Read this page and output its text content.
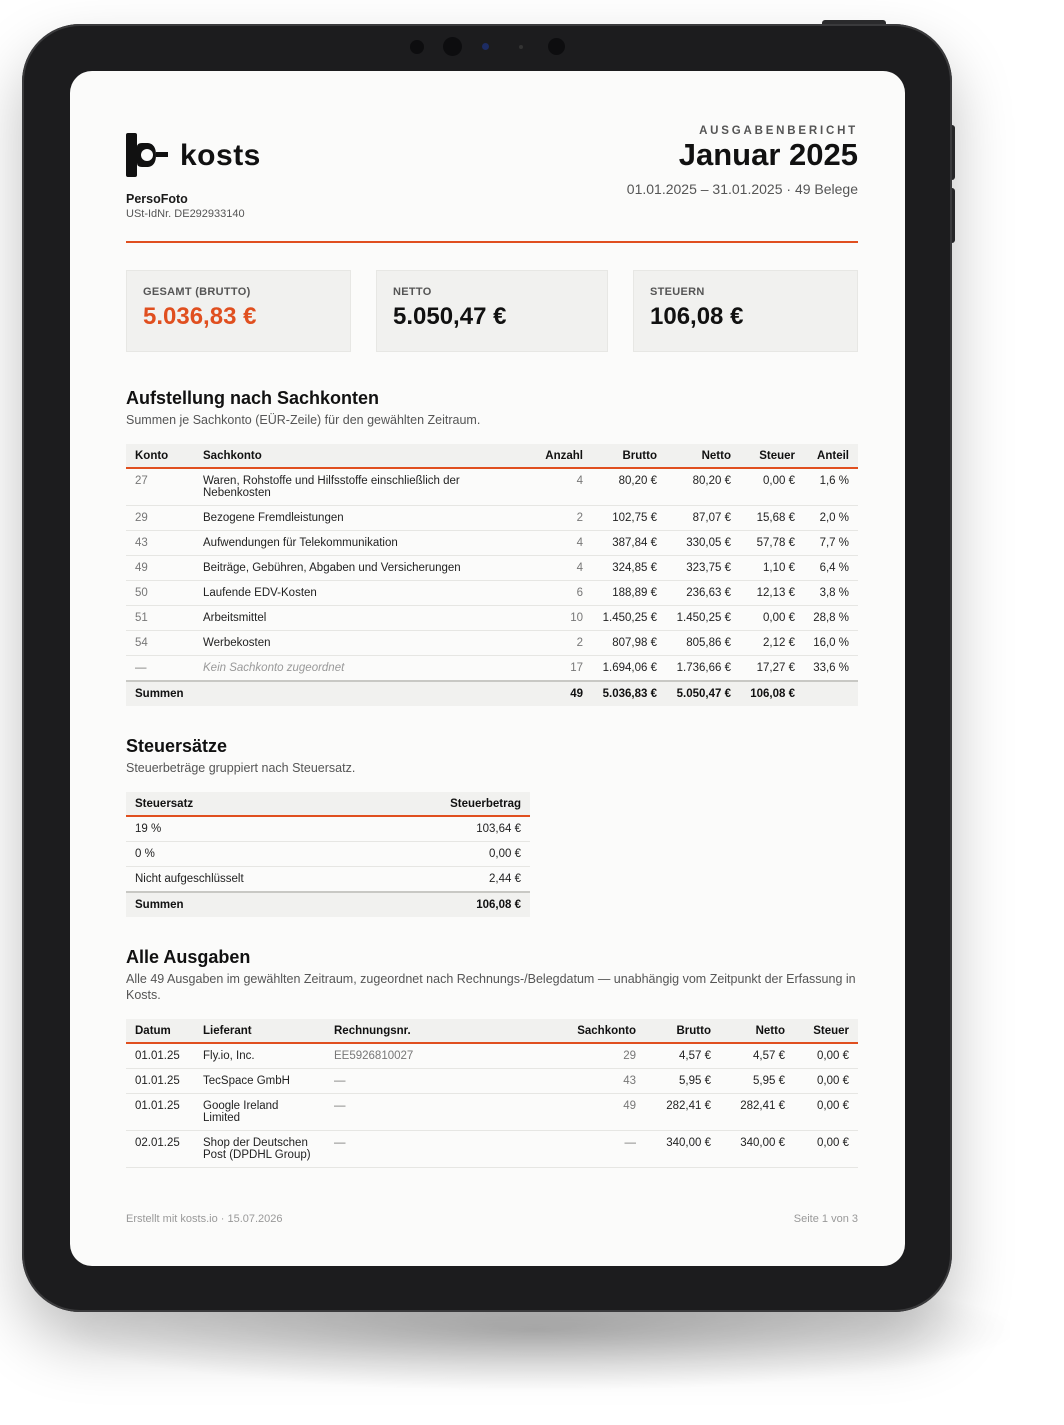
kosts
PersoFoto
USt-IdNr. DE292933140
AUSGABENBERICHT
Januar 2025
01.01.2025 – 31.01.2025 · 49 Belege
GESAMT (BRUTTO)
5.036,83 €
NETTO
5.050,47 €
STEUERN
106,08 €
Aufstellung nach Sachkonten
Summen je Sachkonto (EÜR-Zeile) für den gewählten Zeitraum.
Konto	Sachkonto	Anzahl	Brutto	Netto	Steuer	Anteil
27	Waren, Rohstoffe und Hilfsstoffe einschließlich der Nebenkosten	4	80,20 €	80,20 €	0,00 €	1,6 %
29	Bezogene Fremdleistungen	2	102,75 €	87,07 €	15,68 €	2,0 %
43	Aufwendungen für Telekommunikation	4	387,84 €	330,05 €	57,78 €	7,7 %
49	Beiträge, Gebühren, Abgaben und Versicherungen	4	324,85 €	323,75 €	1,10 €	6,4 %
50	Laufende EDV-Kosten	6	188,89 €	236,63 €	12,13 €	3,8 %
51	Arbeitsmittel	10	1.450,25 €	1.450,25 €	0,00 €	28,8 %
54	Werbekosten	2	807,98 €	805,86 €	2,12 €	16,0 %
—	Kein Sachkonto zugeordnet	17	1.694,06 €	1.736,66 €	17,27 €	33,6 %
Summen		49	5.036,83 €	5.050,47 €	106,08 €	
Steuersätze
Steuerbeträge gruppiert nach Steuersatz.
Steuersatz	Steuerbetrag
19 %	103,64 €
0 %	0,00 €
Nicht aufgeschlüsselt	2,44 €
Summen	106,08 €
Alle Ausgaben
Alle 49 Ausgaben im gewählten Zeitraum, zugeordnet nach Rechnungs-/Belegdatum — unabhängig vom Zeitpunkt der Erfassung in Kosts.
Datum	Lieferant	Rechnungsnr.	Sachkonto	Brutto	Netto	Steuer
01.01.25	Fly.io, Inc.	EE5926810027	29	4,57 €	4,57 €	0,00 €
01.01.25	TecSpace GmbH	—	43	5,95 €	5,95 €	0,00 €
01.01.25	Google Ireland Limited	—	49	282,41 €	282,41 €	0,00 €
02.01.25	Shop der Deutschen Post (DPDHL Group)	—	—	340,00 €	340,00 €	0,00 €
Erstellt mit kosts.io · 15.07.2026	Seite 1 von 3
